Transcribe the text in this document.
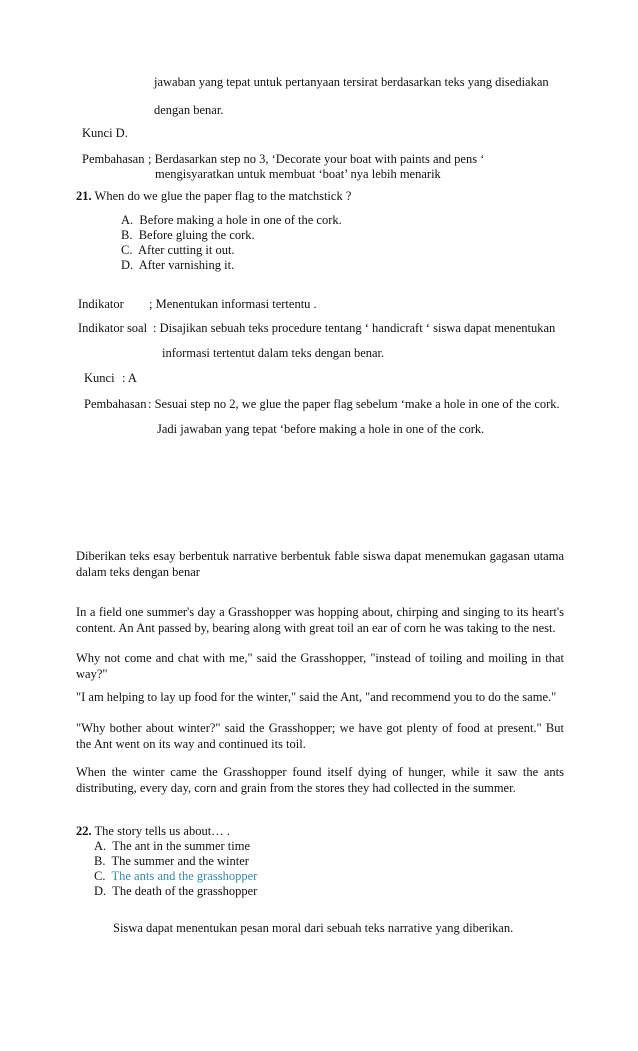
jawaban yang tepat untuk pertanyaan tersirat berdasarkan teks yang disediakan
dengan benar.
Kunci D.
Pembahasan ; Berdasarkan step no 3, ‘Decorate your boat with paints and pens ‘
mengisyaratkan untuk membuat ‘boat’ nya lebih menarik
21. When do we glue the paper flag to the matchstick ?
A. Before making a hole in one of the cork.
B. Before gluing the cork.
C. After cutting it out.
D. After varnishing it.
Indikator ; Menentukan informasi tertentu .
Indikator soal : Disajikan sebuah teks procedure tentang ‘ handicraft ‘ siswa dapat menentukan
informasi tertentut dalam teks dengan benar.
Kunci : A
Pembahasan : Sesuai step no 2, we glue the paper flag sebelum ‘make a hole in one of the cork.
Jadi jawaban yang tepat ‘before making a hole in one of the cork.
Diberikan teks esay berbentuk narrative berbentuk fable siswa dapat menemukan gagasan utama dalam teks dengan benar
In a field one summer's day a Grasshopper was hopping about, chirping and singing to its heart's content. An Ant passed by, bearing along with great toil an ear of corn he was taking to the nest.
Why not come and chat with me," said the Grasshopper, "instead of toiling and moiling in that way?"
"I am helping to lay up food for the winter," said the Ant, "and recommend you to do the same."
"Why bother about winter?" said the Grasshopper; we have got plenty of food at present." But the Ant went on its way and continued its toil.
When the winter came the Grasshopper found itself dying of hunger, while it saw the ants distributing, every day, corn and grain from the stores they had collected in the summer.
22. The story tells us about… .
A. The ant in the summer time
B. The summer and the winter
C. The ants and the grasshopper
D. The death of the grasshopper
Siswa dapat menentukan pesan moral dari sebuah teks narrative yang diberikan.
